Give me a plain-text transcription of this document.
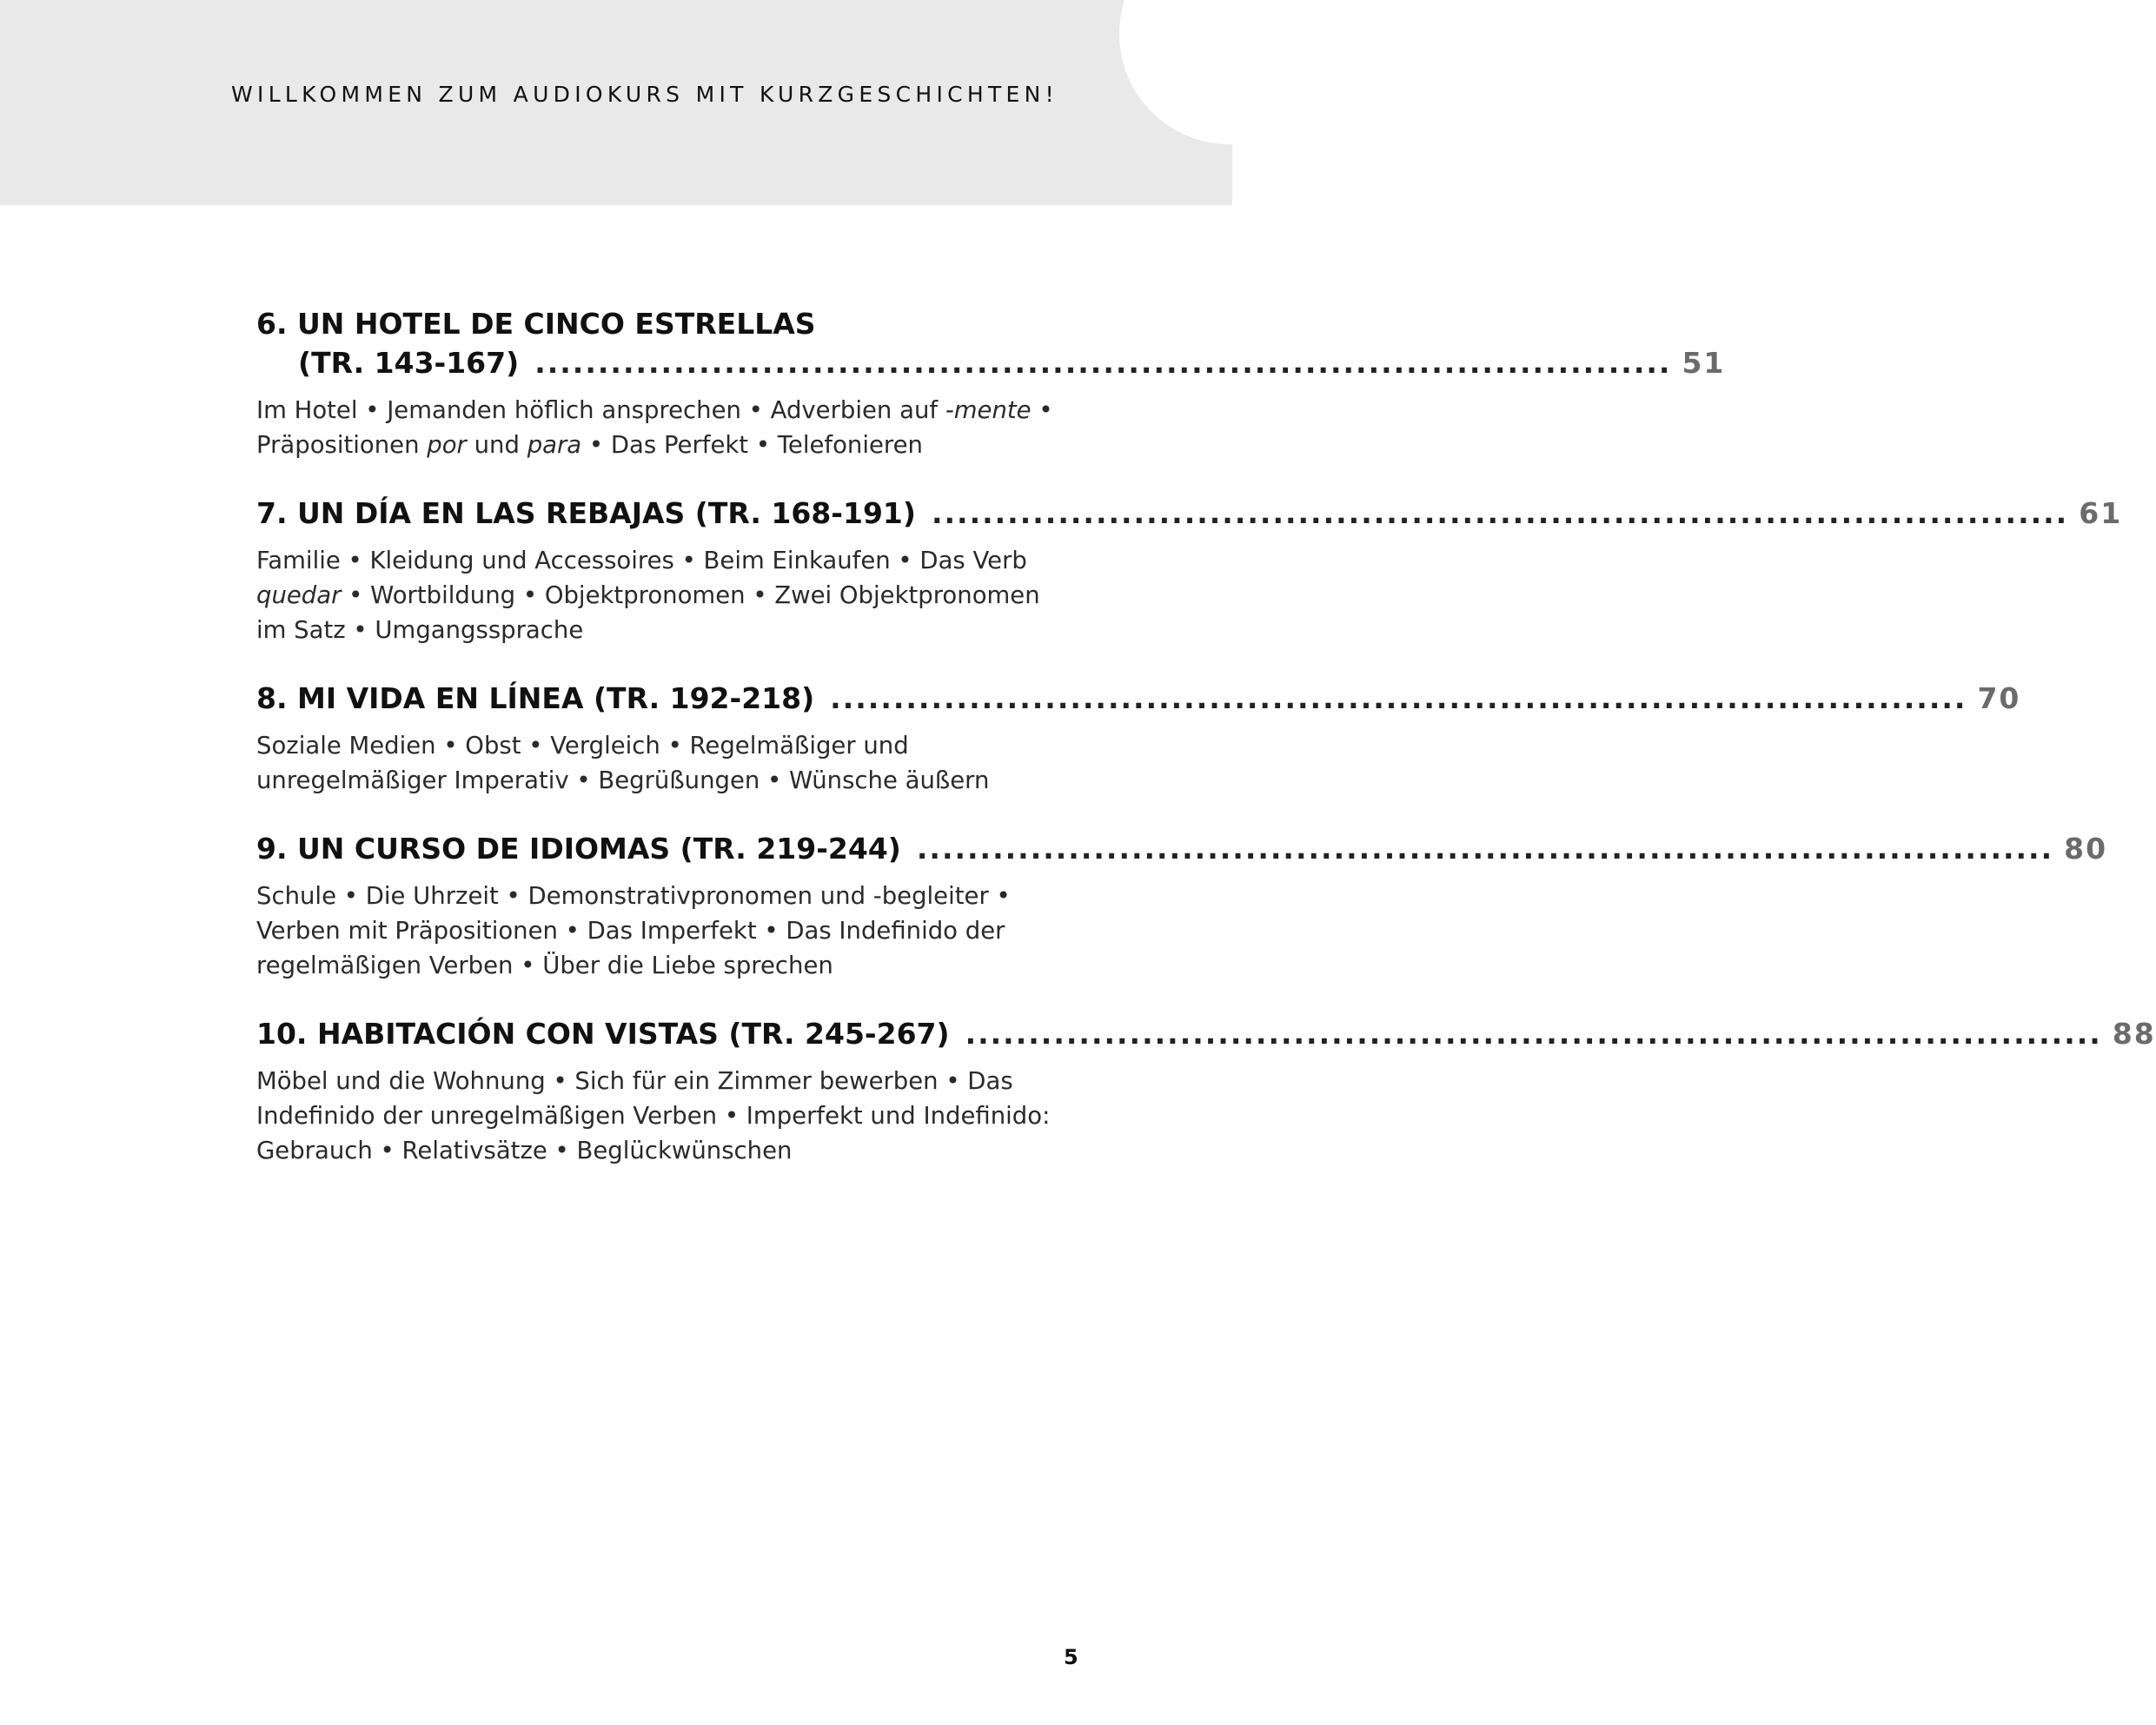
WILLKOMMEN ZUM AUDIOKURS MIT KURZGESCHICHTEN!
6. UN HOTEL DE CINCO ESTRELLAS
(TR. 143-167) .......................................................................................... 51
Im Hotel • Jemanden höflich ansprechen • Adverbien auf -mente • Präpositionen por und para • Das Perfekt • Telefonieren
7. UN DÍA EN LAS REBAJAS (TR. 168-191) .......................................................................................... 61
Familie • Kleidung und Accessoires • Beim Einkaufen • Das Verb quedar • Wortbildung • Objektpronomen • Zwei Objektpronomen im Satz • Umgangssprache
8. MI VIDA EN LÍNEA (TR. 192-218) .......................................................................................... 70
Soziale Medien • Obst • Vergleich • Regelmäßiger und unregelmäßiger Imperativ • Begrüßungen • Wünsche äußern
9. UN CURSO DE IDIOMAS (TR. 219-244) .......................................................................................... 80
Schule • Die Uhrzeit • Demonstrativpronomen und -begleiter • Verben mit Präpositionen • Das Imperfekt • Das Indefinido der regelmäßigen Verben • Über die Liebe sprechen
10. HABITACIÓN CON VISTAS (TR. 245-267) .......................................................................................... 88
Möbel und die Wohnung • Sich für ein Zimmer bewerben • Das Indefinido der unregelmäßigen Verben • Imperfekt und Indefinido: Gebrauch • Relativsätze • Beglückwünschen
5
